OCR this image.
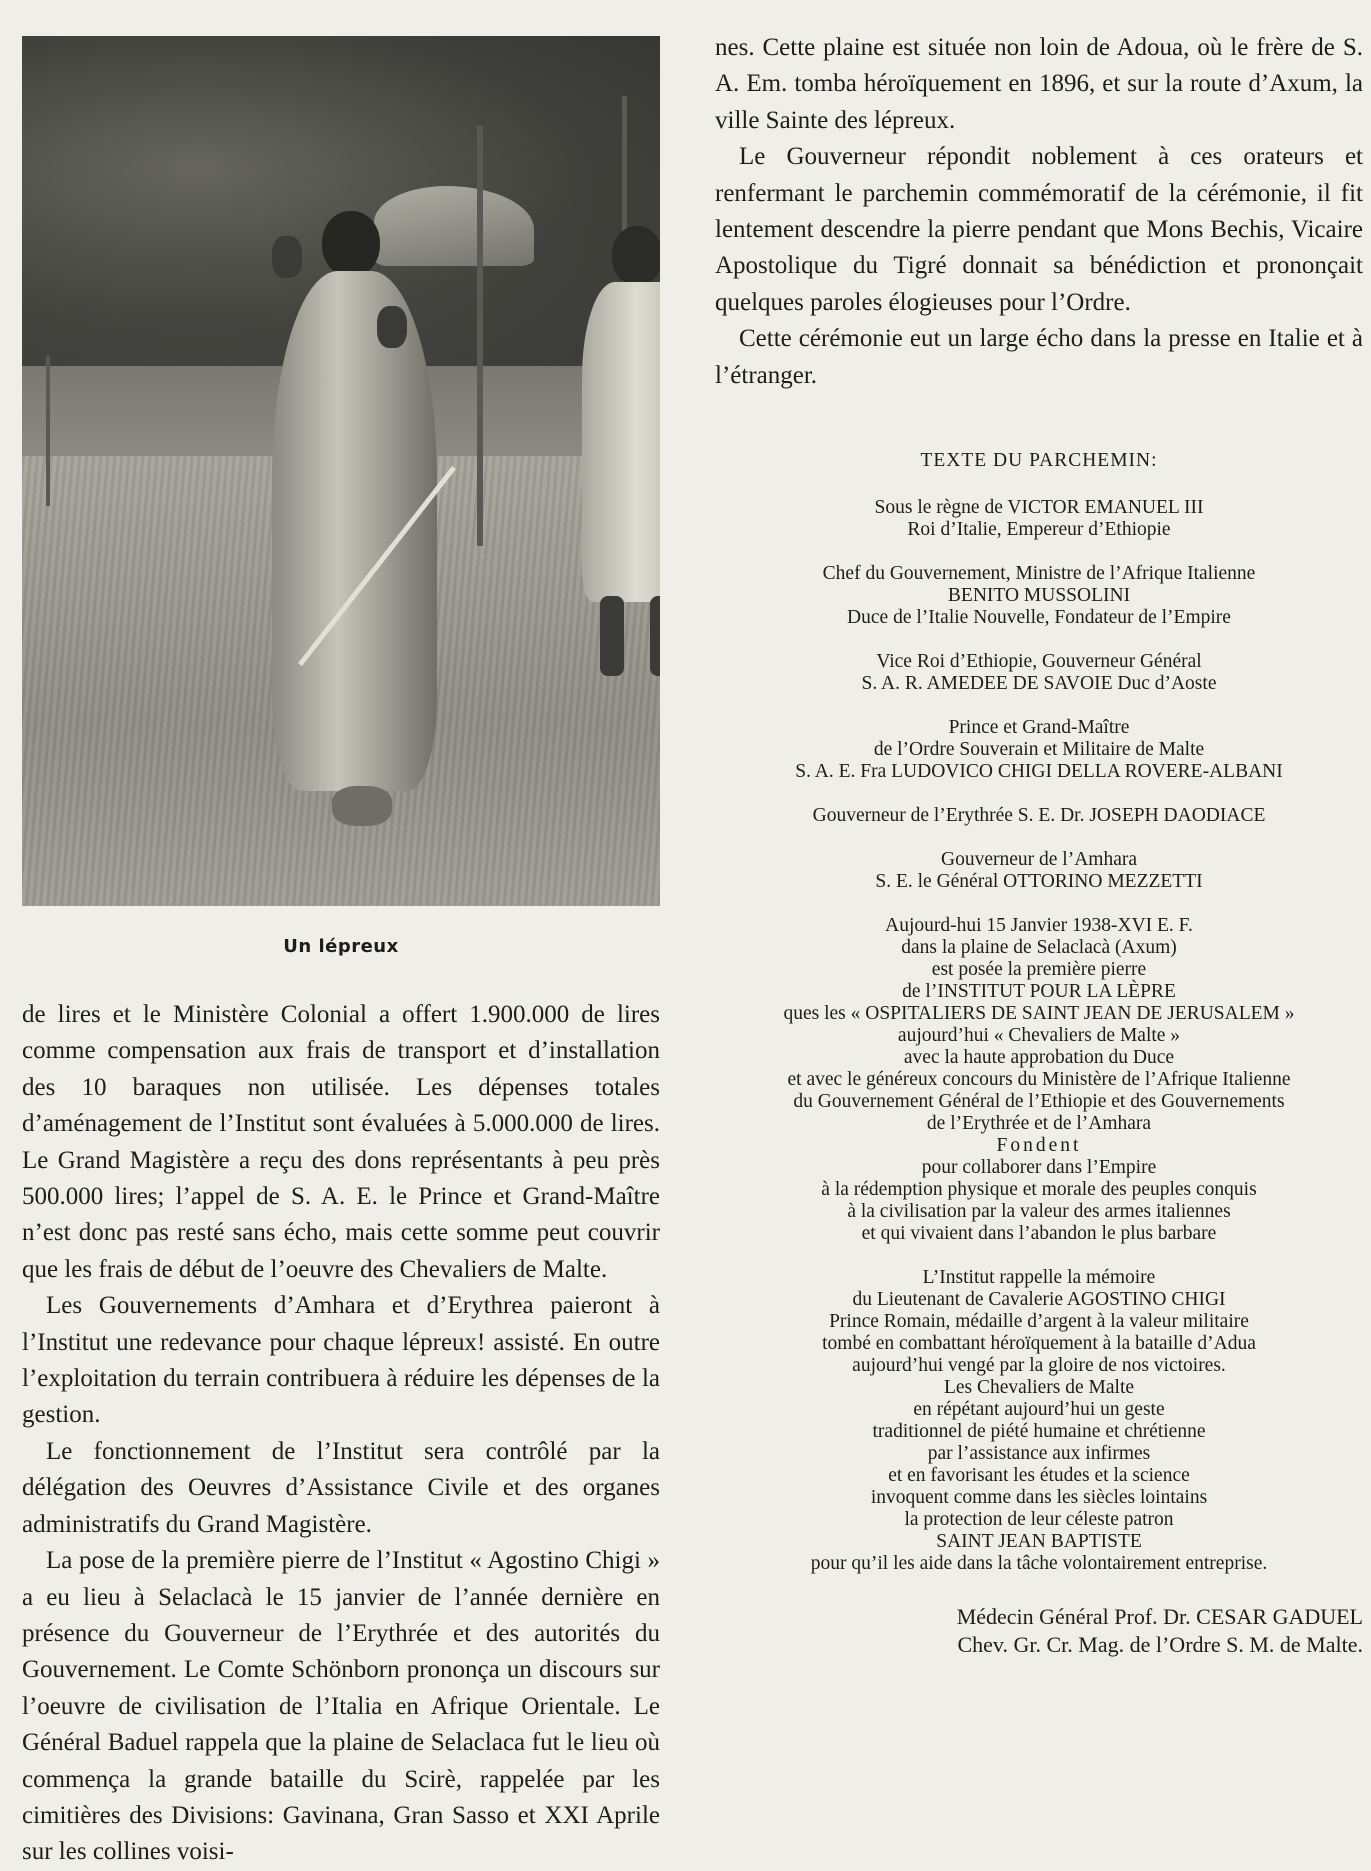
Un lépreux

de lires et le Ministère Colonial a offert 1.900.000 de lires comme compensation aux frais de transport et d’installation des 10 baraques non utilisée. Les dépenses totales d’aménagement de l’Institut sont évaluées à 5.000.000 de lires. Le Grand Magistère a reçu des dons représentants à peu près 500.000 lires; l’appel de S. A. E. le Prince et Grand-Maître n’est donc pas resté sans écho, mais cette somme peut couvrir que les frais de début de l’oeuvre des Chevaliers de Malte.

Les Gouvernements d’Amhara et d’Erythrea paieront à l’Institut une redevance pour chaque lépreux! assisté. En outre l’exploitation du terrain contribuera à réduire les dépenses de la gestion.

Le fonctionnement de l’Institut sera contrôlé par la délégation des Oeuvres d’Assistance Civile et des organes administratifs du Grand Magistère.

La pose de la première pierre de l’Institut « Agostino Chigi » a eu lieu à Selaclacà le 15 janvier de l’année dernière en présence du Gouverneur de l’Erythrée et des autorités du Gouvernement. Le Comte Schönborn prononça un discours sur l’oeuvre de civilisation de l’Italia en Afrique Orientale. Le Général Baduel rappela que la plaine de Selaclaca fut le lieu où commença la grande bataille du Scirè, rappelée par les cimitières des Divisions: Gavinana, Gran Sasso et XXI Aprile sur les collines voisi-

nes. Cette plaine est située non loin de Adoua, où le frère de S. A. Em. tomba héroïquement en 1896, et sur la route d’Axum, la ville Sainte des lépreux.

Le Gouverneur répondit noblement à ces orateurs et renfermant le parchemin commémoratif de la cérémonie, il fit lentement descendre la pierre pendant que Mons Bechis, Vicaire Apostolique du Tigré donnait sa bénédiction et prononçait quelques paroles élogieuses pour l’Ordre.

Cette cérémonie eut un large écho dans la presse en Italie et à l’étranger.

TEXTE DU PARCHEMIN:
Sous le règne de VICTOR EMANUEL III
Roi d’Italie, Empereur d’Ethiopie
Chef du Gouvernement, Ministre de l’Afrique Italienne
BENITO MUSSOLINI
Duce de l’Italie Nouvelle, Fondateur de l’Empire
Vice Roi d’Ethiopie, Gouverneur Général
S. A. R. AMEDEE DE SAVOIE Duc d’Aoste
Prince et Grand-Maître
de l’Ordre Souverain et Militaire de Malte
S. A. E. Fra LUDOVICO CHIGI DELLA ROVERE-ALBANI
Gouverneur de l’Erythrée S. E. Dr. JOSEPH DAODIACE
Gouverneur de l’Amhara
S. E. le Général OTTORINO MEZZETTI
Aujourd-hui 15 Janvier 1938-XVI E. F.
dans la plaine de Selaclacà (Axum)
est posée la première pierre
de l’INSTITUT POUR LA LÈPRE
ques les « OSPITALIERS DE SAINT JEAN DE JERUSALEM »
aujourd’hui « Chevaliers de Malte »
avec la haute approbation du Duce
et avec le généreux concours du Ministère de l’Afrique Italienne
du Gouvernement Général de l’Ethiopie et des Gouvernements
de l’Erythrée et de l’Amhara
Fondent
pour collaborer dans l’Empire
à la rédemption physique et morale des peuples conquis
à la civilisation par la valeur des armes italiennes
et qui vivaient dans l’abandon le plus barbare
L’Institut rappelle la mémoire
du Lieutenant de Cavalerie AGOSTINO CHIGI
Prince Romain, médaille d’argent à la valeur militaire
tombé en combattant héroïquement à la bataille d’Adua
aujourd’hui vengé par la gloire de nos victoires.
Les Chevaliers de Malte
en répétant aujourd’hui un geste
traditionnel de piété humaine et chrétienne
par l’assistance aux infirmes
et en favorisant les études et la science
invoquent comme dans les siècles lointains
la protection de leur céleste patron
SAINT JEAN BAPTISTE
pour qu’il les aide dans la tâche volontairement entreprise.
Médecin Général Prof. Dr. CESAR GADUEL
Chev. Gr. Cr. Mag. de l’Ordre S. M. de Malte.
